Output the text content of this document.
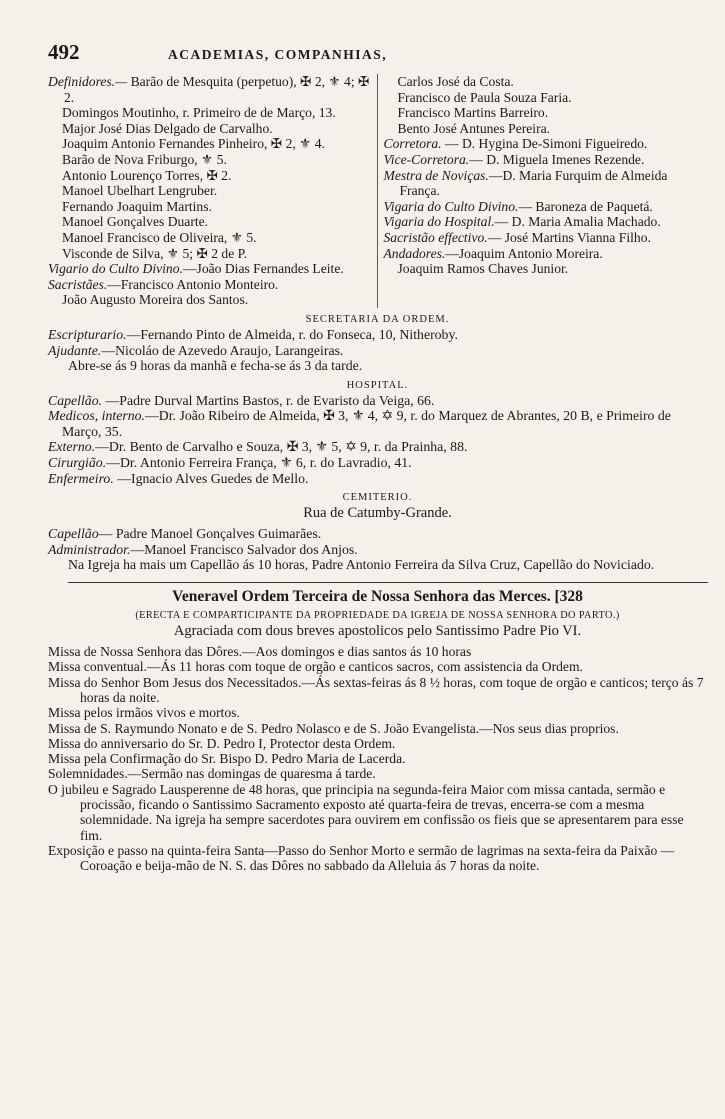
492	ACADEMIAS, COMPANHIAS,
Definidores.— Barão de Mesquita (perpetuo), ✠ 2, ⚜ 4; ✠ 2.
Domingos Moutinho, r. Primeiro de de Março, 13.
Major José Dias Delgado de Carvalho.
Joaquim Antonio Fernandes Pinheiro, ✠ 2, ⚜ 4.
Barão de Nova Friburgo, ⚜ 5.
Antonio Lourenço Torres, ✠ 2.
Manoel Ubelhart Lengruber.
Fernando Joaquim Martins.
Manoel Gonçalves Duarte.
Manoel Francisco de Oliveira, ⚜ 5.
Visconde de Silva, ⚜ 5; ✠ 2 de P.
Vigario do Culto Divino.—João Dias Fernandes Leite.
Sacristães.—Francisco Antonio Monteiro.
João Augusto Moreira dos Santos.
Carlos José da Costa.
Francisco de Paula Souza Faria.
Francisco Martins Barreiro.
Bento José Antunes Pereira.
Corretora. — D. Hygina De-Simoni Figueiredo.
Vice-Corretora.— D. Miguela Imenes Rezende.
Mestra de Noviças.—D. Maria Furquim de Almeida França.
Vigaria do Culto Divino.— Baroneza de Paquetá.
Vigaria do Hospital.— D. Maria Amalia Machado.
Sacristão effectivo.— José Martins Vianna Filho.
Andadores.—Joaquim Antonio Moreira.
Joaquim Ramos Chaves Junior.
SECRETARIA DA ORDEM.
Escripturario.—Fernando Pinto de Almeida, r. do Fonseca, 10, Nitheroby.
Ajudante.—Nicoláo de Azevedo Araujo, Larangeiras.
Abre-se ás 9 horas da manhã e fecha-se ás 3 da tarde.
HOSPITAL.
Capellão. —Padre Durval Martins Bastos, r. de Evaristo da Veiga, 66.
Medicos, interno.—Dr. João Ribeiro de Almeida, ✠ 3, ⚜ 4, ✡ 9, r. do Marquez de Abrantes, 20 B, e Primeiro de Março, 35.
Externo.—Dr. Bento de Carvalho e Souza, ✠ 3, ⚜ 5, ✡ 9, r. da Prainha, 88.
Cirurgião.—Dr. Antonio Ferreira França, ⚜ 6, r. do Lavradio, 41.
Enfermeiro. —Ignacio Alves Guedes de Mello.
CEMITERIO.
Rua de Catumby-Grande.
Capellão— Padre Manoel Gonçalves Guimarães.
Administrador.—Manoel Francisco Salvador dos Anjos.
Na Igreja ha mais um Capellão ás 10 horas, Padre Antonio Ferreira da Silva Cruz, Capellão do Noviciado.
Veneravel Ordem Terceira de Nossa Senhora das Merces. [328
(ERECTA E COMPARTICIPANTE DA PROPRIEDADE DA IGREJA DE NOSSA SENHORA DO PARTO.)
Agraciada com dous breves apostolicos pelo Santissimo Padre Pio VI.
Missa de Nossa Senhora das Dôres.—Aos domingos e dias santos ás 10 horas
Missa conventual.—Ás 11 horas com toque de orgão e canticos sacros, com assistencia da Ordem.
Missa do Senhor Bom Jesus dos Necessitados.—Ás sextas-feiras ás 8 ½ horas, com toque de orgão e canticos; terço ás 7 horas da noite.
Missa pelos irmãos vivos e mortos.
Missa de S. Raymundo Nonato e de S. Pedro Nolasco e de S. João Evangelista.—Nos seus dias proprios.
Missa do anniversario do Sr. D. Pedro I, Protector desta Ordem.
Missa pela Confirmação do Sr. Bispo D. Pedro Maria de Lacerda.
Solemnidades.—Sermão nas domingas de quaresma á tarde.
O jubileu e Sagrado Lausperenne de 48 horas, que principia na segunda-feira Maior com missa cantada, sermão e procissão, ficando o Santissimo Sacramento exposto até quarta-feira de trevas, encerra-se com a mesma solemnidade. Na igreja ha sempre sacerdotes para ouvirem em confissão os fieis que se apresentarem para esse fim.
Exposição e passo na quinta-feira Santa—Passo do Senhor Morto e sermão de lagrimas na sexta-feira da Paixão — Coroação e beija-mão de N. S. das Dôres no sabbado da Alleluia ás 7 horas da noite.
